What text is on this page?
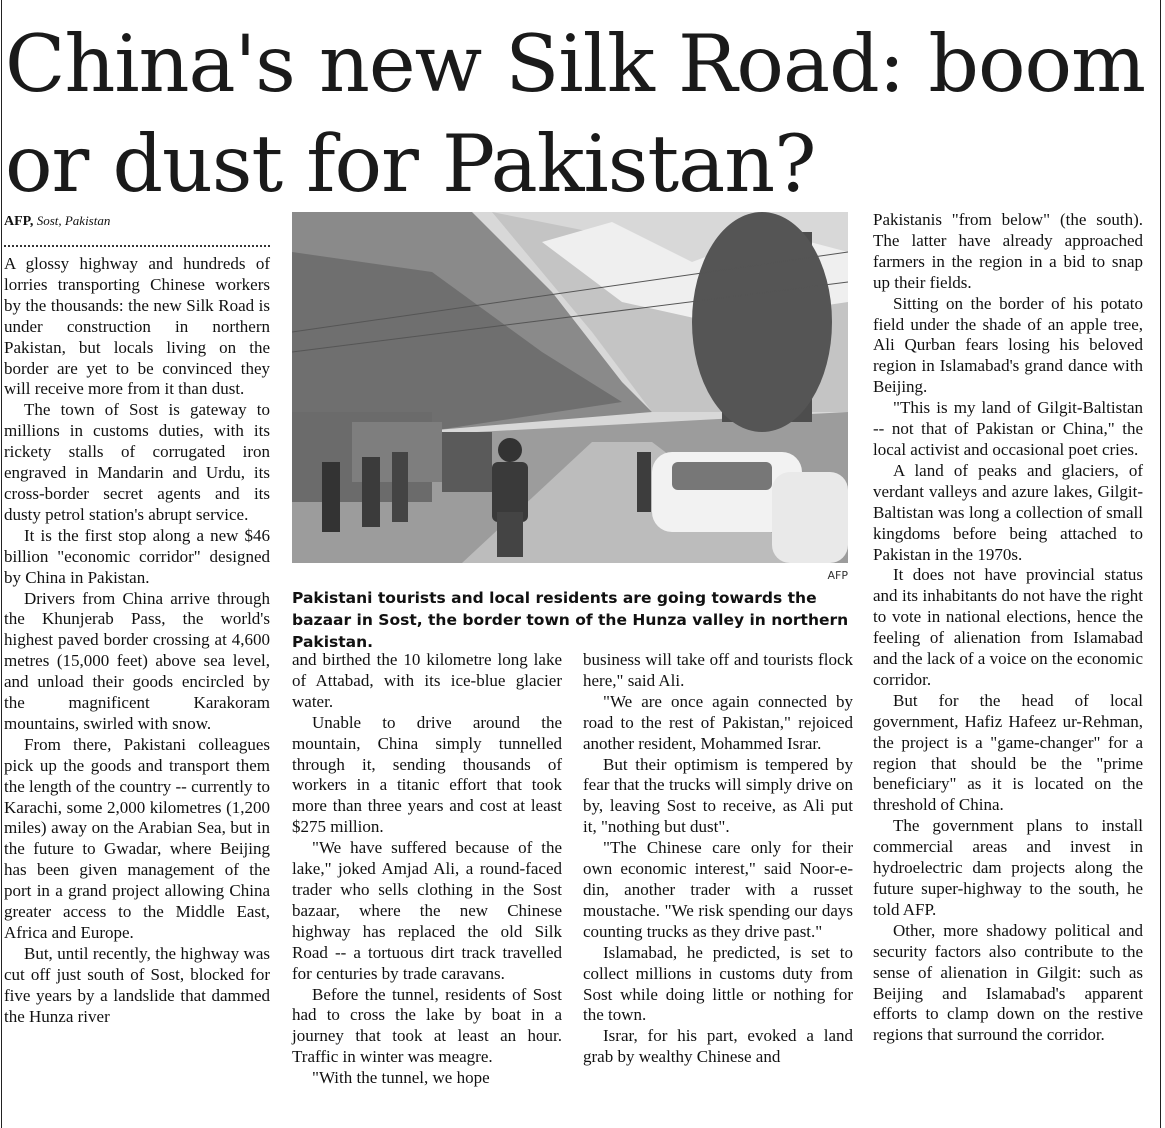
China's new Silk Road: boom or dust for Pakistan?
AFP, Sost, Pakistan

A glossy highway and hundreds of lorries transporting Chinese workers by the thousands: the new Silk Road is under construction in northern Pakistan, but locals living on the border are yet to be convinced they will receive more from it than dust.

The town of Sost is gateway to millions in customs duties, with its rickety stalls of corrugated iron engraved in Mandarin and Urdu, its cross-border secret agents and its dusty petrol station's abrupt service.

It is the first stop along a new $46 billion "economic corridor" designed by China in Pakistan.

Drivers from China arrive through the Khunjerab Pass, the world's highest paved border crossing at 4,600 metres (15,000 feet) above sea level, and unload their goods encircled by the magnificent Karakoram mountains, swirled with snow.

From there, Pakistani colleagues pick up the goods and transport them the length of the country -- currently to Karachi, some 2,000 kilometres (1,200 miles) away on the Arabian Sea, but in the future to Gwadar, where Beijing has been given management of the port in a grand project allowing China greater access to the Middle East, Africa and Europe.

But, until recently, the highway was cut off just south of Sost, blocked for five years by a landslide that dammed the Hunza river

AFP

Pakistani tourists and local residents are going towards the bazaar in Sost, the border town of the Hunza valley in northern Pakistan.

and birthed the 10 kilometre long lake of Attabad, with its ice-blue glacier water.

Unable to drive around the mountain, China simply tunnelled through it, sending thousands of workers in a titanic effort that took more than three years and cost at least $275 million.

"We have suffered because of the lake," joked Amjad Ali, a round-faced trader who sells clothing in the Sost bazaar, where the new Chinese highway has replaced the old Silk Road -- a tortuous dirt track travelled for centuries by trade caravans.

Before the tunnel, residents of Sost had to cross the lake by boat in a journey that took at least an hour. Traffic in winter was meagre.

"With the tunnel, we hope

business will take off and tourists flock here," said Ali.

"We are once again connected by road to the rest of Pakistan," rejoiced another resident, Mohammed Israr.

But their optimism is tempered by fear that the trucks will simply drive on by, leaving Sost to receive, as Ali put it, "nothing but dust".

"The Chinese care only for their own economic interest," said Noor-e-din, another trader with a russet moustache. "We risk spending our days counting trucks as they drive past."

Islamabad, he predicted, is set to collect millions in customs duty from Sost while doing little or nothing for the town.

Israr, for his part, evoked a land grab by wealthy Chinese and

Pakistanis "from below" (the south). The latter have already approached farmers in the region in a bid to snap up their fields.

Sitting on the border of his potato field under the shade of an apple tree, Ali Qurban fears losing his beloved region in Islamabad's grand dance with Beijing.

"This is my land of Gilgit-Baltistan -- not that of Pakistan or China," the local activist and occasional poet cries.

A land of peaks and glaciers, of verdant valleys and azure lakes, Gilgit-Baltistan was long a collection of small kingdoms before being attached to Pakistan in the 1970s.

It does not have provincial status and its inhabitants do not have the right to vote in national elections, hence the feeling of alienation from Islamabad and the lack of a voice on the economic corridor.

But for the head of local government, Hafiz Hafeez ur-Rehman, the project is a "game-changer" for a region that should be the "prime beneficiary" as it is located on the threshold of China.

The government plans to install commercial areas and invest in hydroelectric dam projects along the future super-highway to the south, he told AFP.

Other, more shadowy political and security factors also contribute to the sense of alienation in Gilgit: such as Beijing and Islamabad's apparent efforts to clamp down on the restive regions that surround the corridor.
